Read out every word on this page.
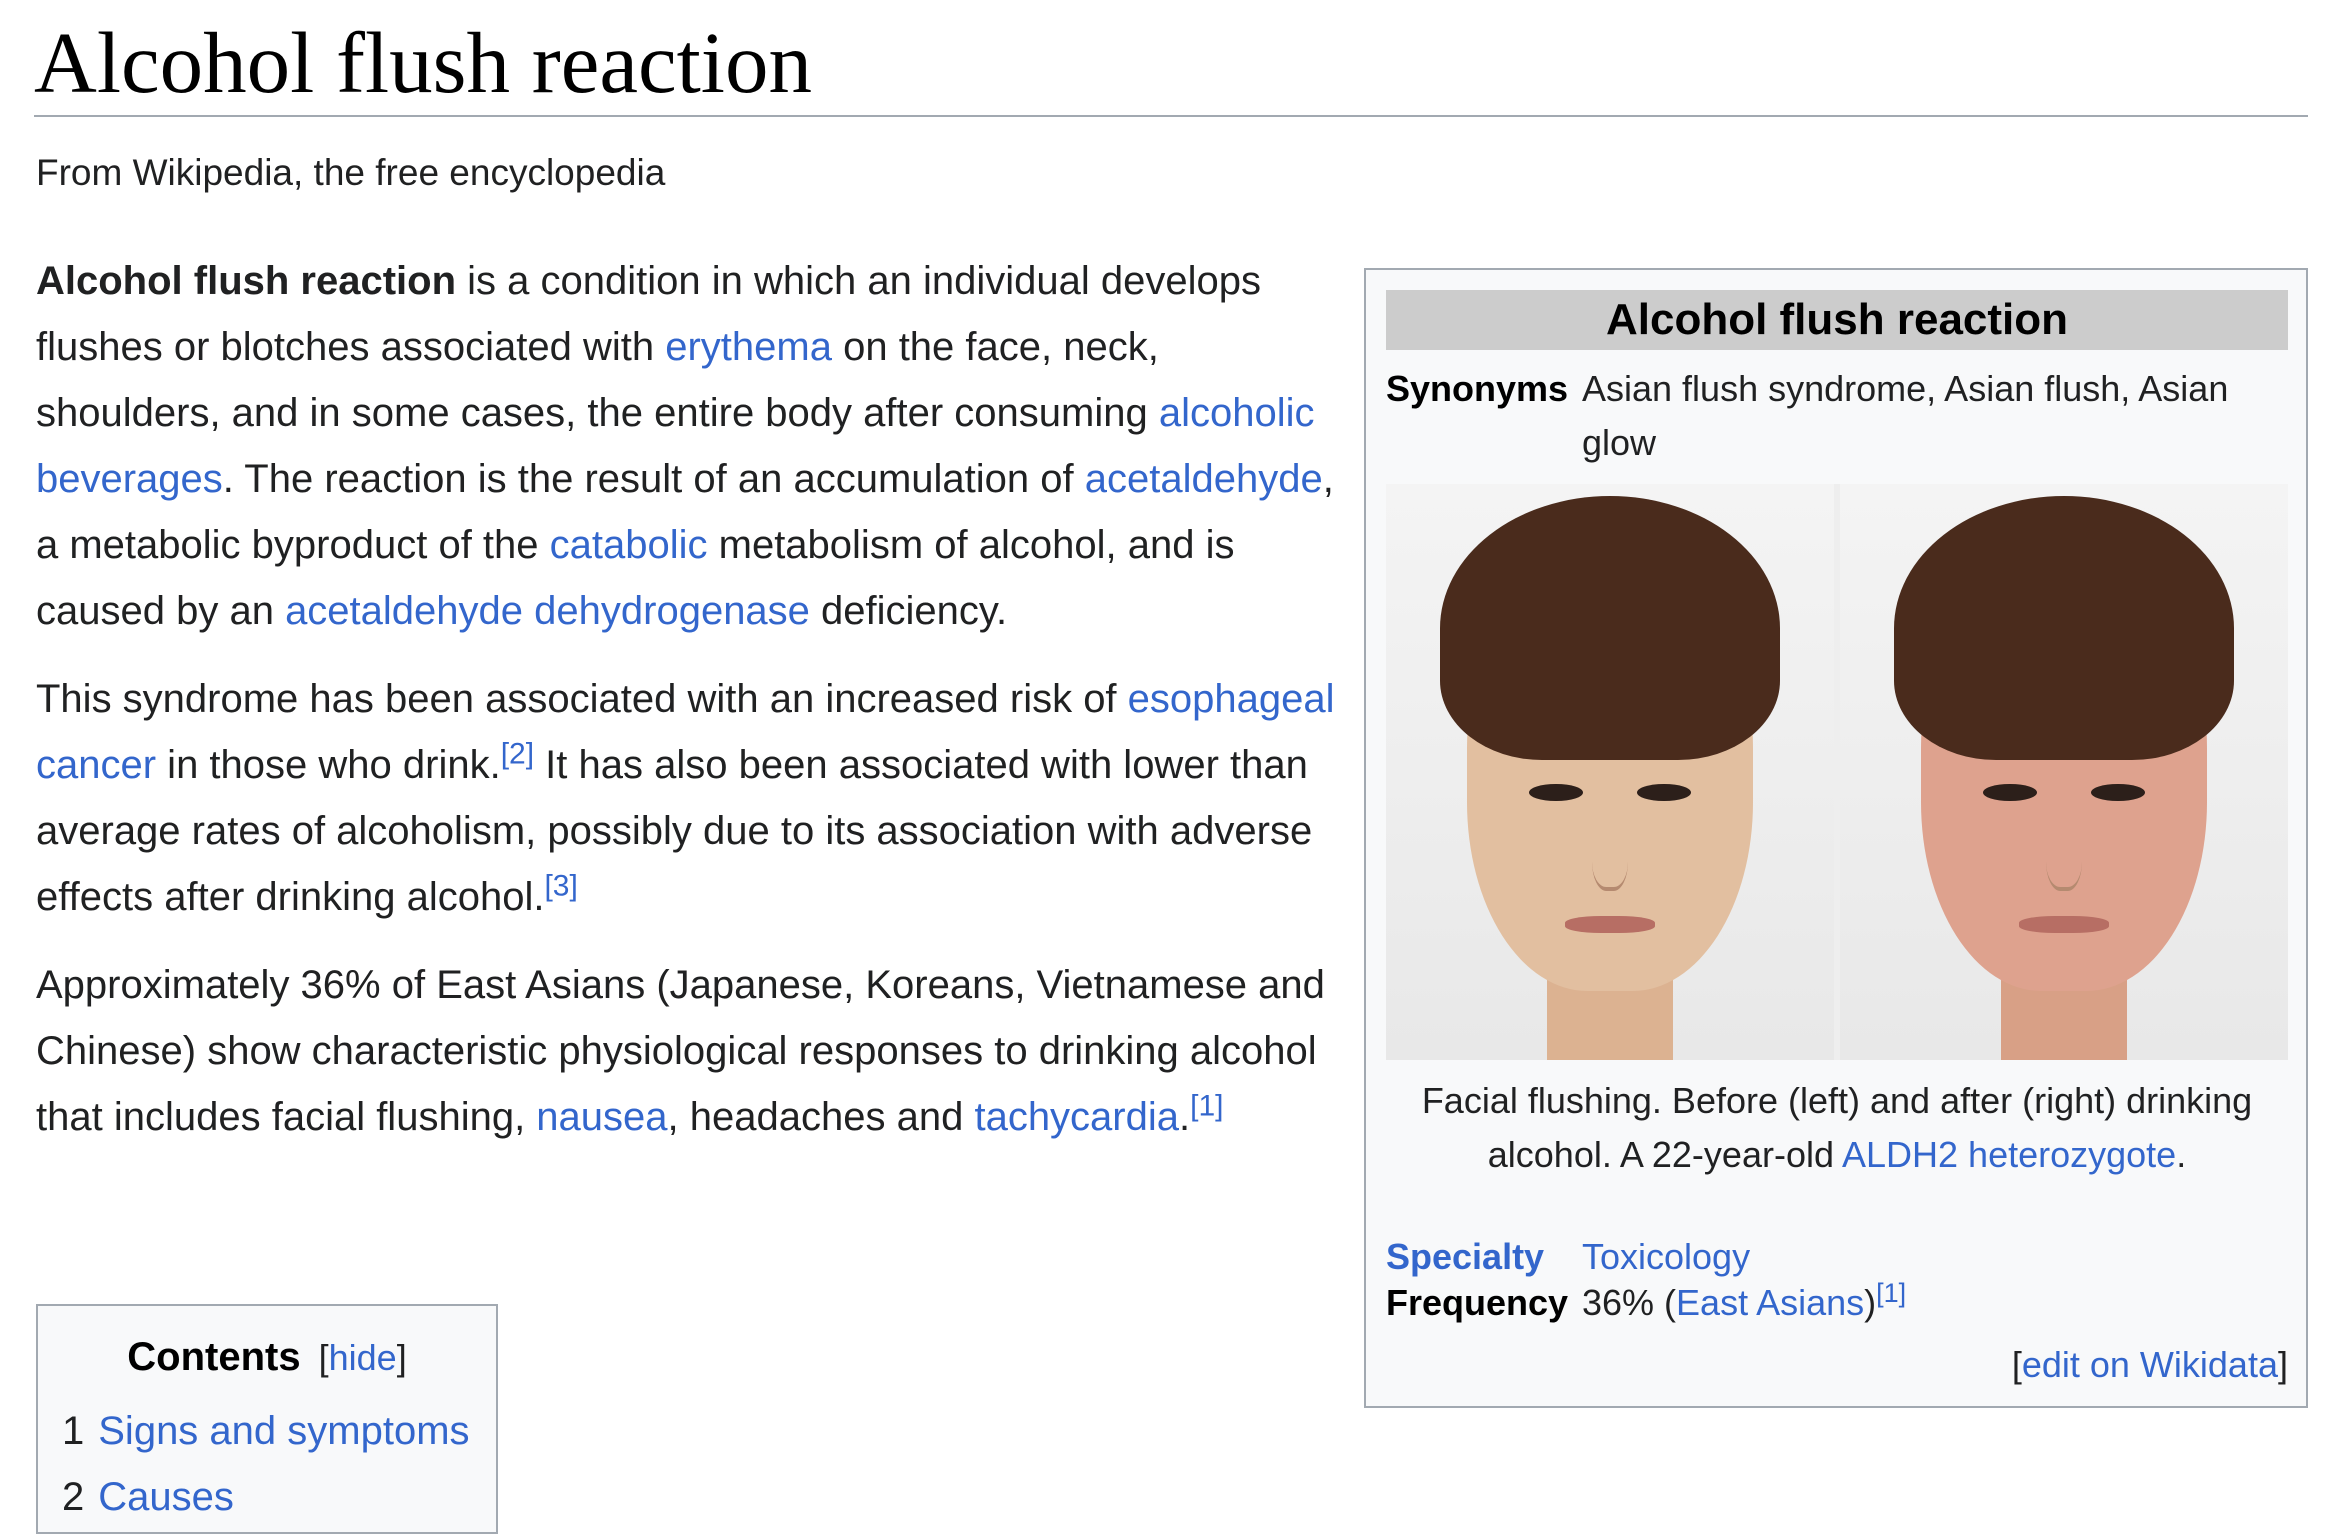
Alcohol flush reaction
From Wikipedia, the free encyclopedia

Alcohol flush reaction is a condition in which an individual develops flushes or blotches associated with erythema on the face, neck, shoulders, and in some cases, the entire body after consuming alcoholic beverages. The reaction is the result of an accumulation of acetaldehyde, a metabolic byproduct of the catabolic metabolism of alcohol, and is caused by an acetaldehyde dehydrogenase deficiency.

This syndrome has been associated with an increased risk of esophageal cancer in those who drink.[2] It has also been associated with lower than average rates of alcoholism, possibly due to its association with adverse effects after drinking alcohol.[3]

Approximately 36% of East Asians (Japanese, Koreans, Vietnamese and Chinese) show characteristic physiological responses to drinking alcohol that includes facial flushing, nausea, headaches and tachycardia.[1]

Alcohol flush reaction
Synonyms Asian flush syndrome, Asian flush, Asian glow
Facial flushing. Before (left) and after (right) drinking alcohol. A 22-year-old ALDH2 heterozygote.
Specialty	Toxicology
Frequency 36% (East Asians)[1]
[edit on Wikidata]
Contents [hide]
1 Signs and symptoms
2 Causes
